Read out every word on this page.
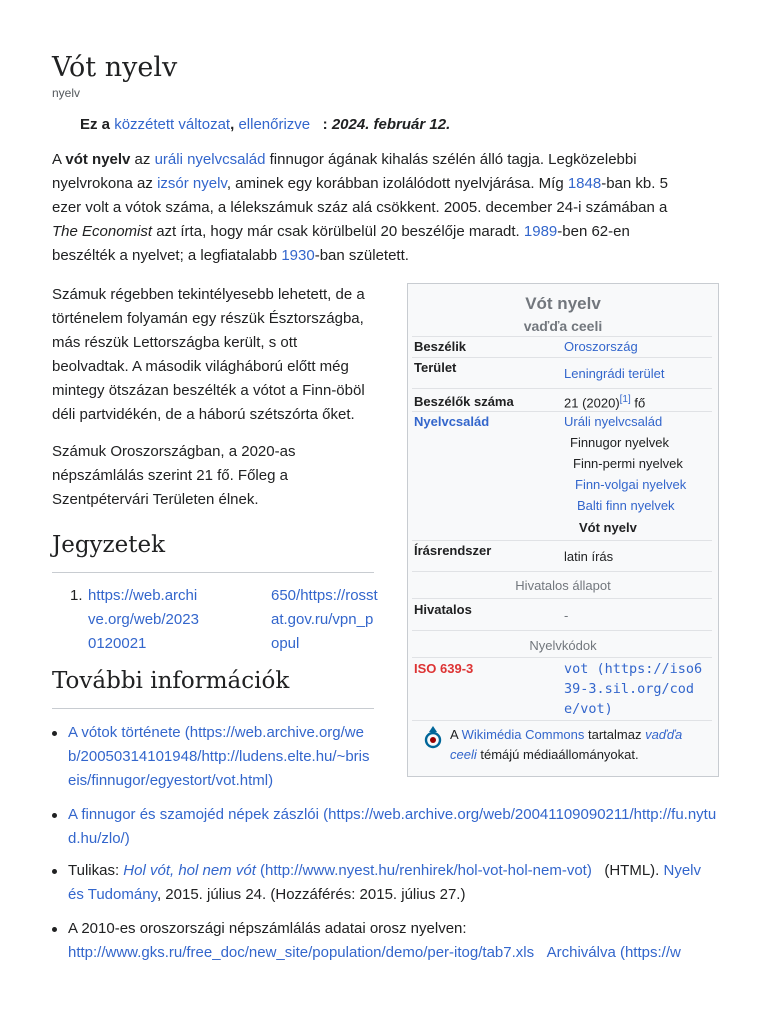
Vót nyelv
nyelv
Ez a közzétett változat, ellenőrizve : 2024. február 12.

A vót nyelv az uráli nyelvcsalád finnugor ágának kihalás szélén álló tagja. Legközelebbi nyelvrokona az izsór nyelv, aminek egy korábban izolálódott nyelvjárása. Míg 1848-ban kb. 5 ezer volt a vótok száma, a lélekszámuk száz alá csökkent. 2005. december 24-i számában a The Economist azt írta, hogy már csak körülbelül 20 beszélője maradt. 1989-ben 62-en beszélték a nyelvet; a legfiatalabb 1930-ban született.

Számuk régebben tekintélyesebb lehetett, de a történelem folyamán egy részük Észtországba, más részük Lettországba került, s ott beolvadtak. A második világháború előtt még mintegy ötszázan beszélték a vótot a Finn-öböl déli partvidékén, de a háború szétszórta őket.

Számuk Oroszországban, a 2020-as népszámlálás szerint 21 fő. Főleg a Szentpétervári Területen élnek.

Jegyzetek
1. https://web.archive.org/web/20230120021
650/https://rosstat.gov.ru/vpn_popul
További információk

A vótok története (https://web.archive.org/web/20050314101948/http://ludens.elte.hu/~briseis/finnugor/egyestort/vot.html)

A finnugor és szamojéd népek zászlói (https://web.archive.org/web/20041109090211/http://fu.nytud.hu/zlo/)

Tulikas: Hol vót, hol nem vót (http://www.nyest.hu/renhirek/hol-vot-hol-nem-vot)   (HTML). Nyelv és Tudomány, 2015. július 24. (Hozzáférés: 2015. július 27.)

A 2010-es oroszországi népszámlálás adatai orosz nyelven:
http://www.gks.ru/free_doc/new_site/population/demo/per-itog/tab7.xls Archiválva (https://w

Vót nyelv
vaďďa ceeli
Beszélik	Oroszország
Terület	Leningrádi terület
Beszélők száma	21 (2020)[1] fő
Nyelvcsalád	Uráli nyelvcsalád
Finnugor nyelvek
Finn-permi nyelvek
Finn-volgai nyelvek
Balti finn nyelvek
Vót nyelv
Írásrendszer	latin írás
Hivatalos állapot
Hivatalos	-
Nyelvkódok
ISO 639-3	vot (https://iso639-3.sil.org/code/vot)
A Wikimédia Commons tartalmaz vaďďa ceeli témájú médiaállományokat.
